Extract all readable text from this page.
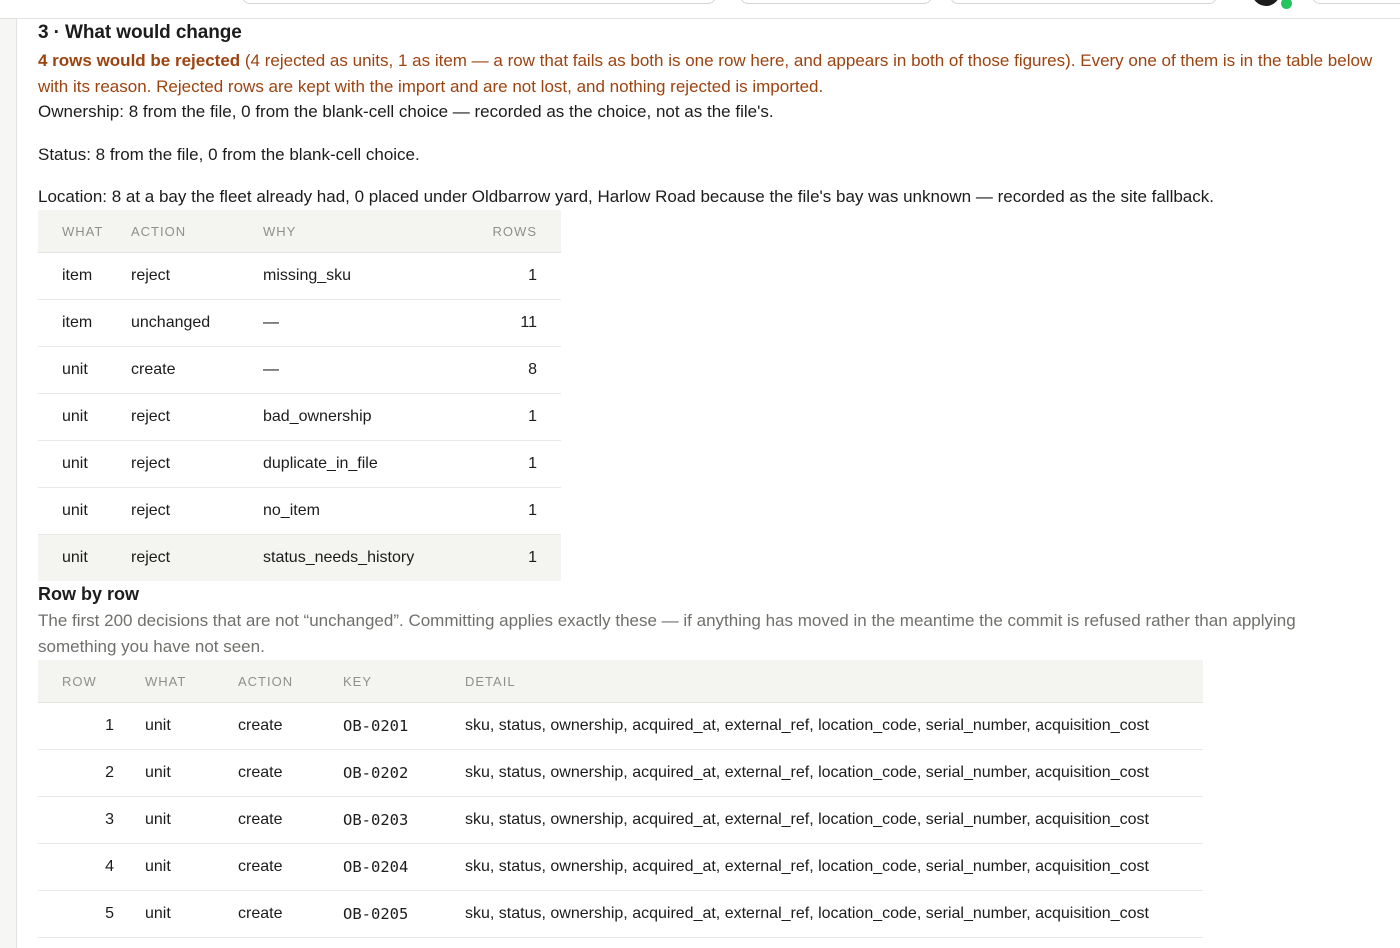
3 · What would change

4 rows would be rejected (4 rejected as units, 1 as item — a row that fails as both is one row here, and appears in both of those figures). Every one of them is in the table below with its reason. Rejected rows are kept with the import and are not lost, and nothing rejected is imported.

Ownership: 8 from the file, 0 from the blank-cell choice — recorded as the choice, not as the file's.

Status: 8 from the file, 0 from the blank-cell choice.

Location: 8 at a bay the fleet already had, 0 placed under Oldbarrow yard, Harlow Road because the file's bay was unknown — recorded as the site fallback.

WHAT	ACTION	WHY	ROWS
item	reject	missing_sku	1
item	unchanged	—	11
unit	create	—	8
unit	reject	bad_ownership	1
unit	reject	duplicate_in_file	1
unit	reject	no_item	1
unit	reject	status_needs_history	1
Row by row

The first 200 decisions that are not “unchanged”. Committing applies exactly these — if anything has moved in the meantime the commit is refused rather than applying something you have not seen.

ROW	WHAT	ACTION	KEY	DETAIL
1	unit	create	OB-0201	sku, status, ownership, acquired_at, external_ref, location_code, serial_number, acquisition_cost
2	unit	create	OB-0202	sku, status, ownership, acquired_at, external_ref, location_code, serial_number, acquisition_cost
3	unit	create	OB-0203	sku, status, ownership, acquired_at, external_ref, location_code, serial_number, acquisition_cost
4	unit	create	OB-0204	sku, status, ownership, acquired_at, external_ref, location_code, serial_number, acquisition_cost
5	unit	create	OB-0205	sku, status, ownership, acquired_at, external_ref, location_code, serial_number, acquisition_cost
